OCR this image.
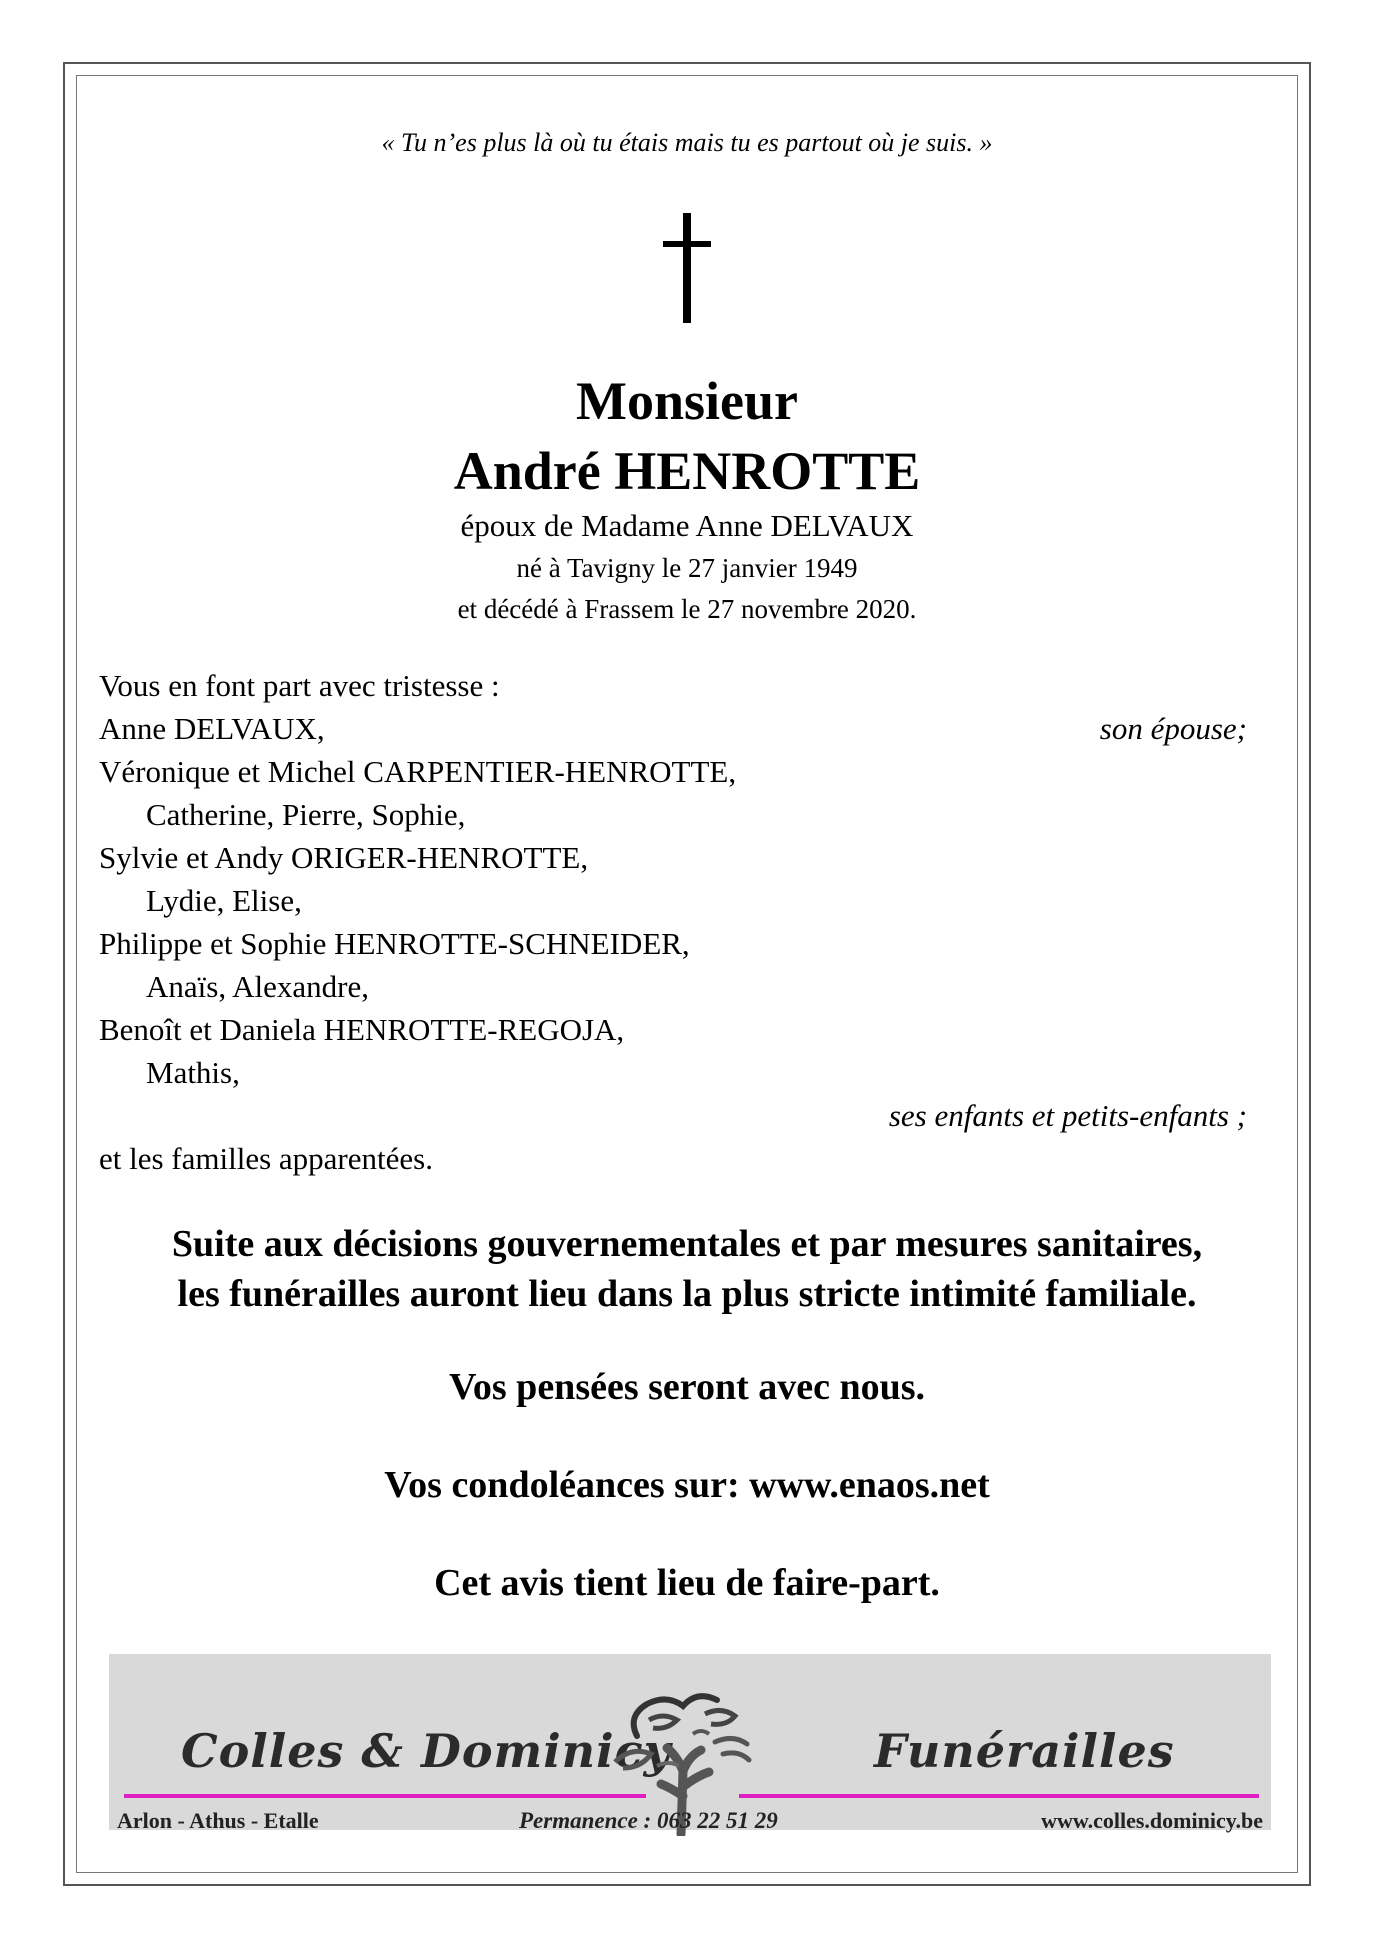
« Tu n’es plus là où tu étais mais tu es partout où je suis. »
Monsieur
André HENROTTE
époux de Madame Anne DELVAUX
né à Tavigny le 27 janvier 1949
et décédé à Frassem le 27 novembre 2020.
Vous en font part avec tristesse :
Anne DELVAUX,	son épouse;
Véronique et Michel CARPENTIER-HENROTTE,
Catherine, Pierre, Sophie,
Sylvie et Andy ORIGER-HENROTTE,
Lydie, Elise,
Philippe et Sophie HENROTTE-SCHNEIDER,
Anaïs, Alexandre,
Benoît et Daniela HENROTTE-REGOJA,
Mathis,
ses enfants et petits-enfants ;
et les familles apparentées.
Suite aux décisions gouvernementales et par mesures sanitaires,
les funérailles auront lieu dans la plus stricte intimité familiale.
Vos pensées seront avec nous.
Vos condoléances sur: www.enaos.net
Cet avis tient lieu de faire-part.
Colles & Dominicy	Funérailles
Arlon - Athus - Etalle	Permanence : 063 22 51 29	www.colles.dominicy.be
